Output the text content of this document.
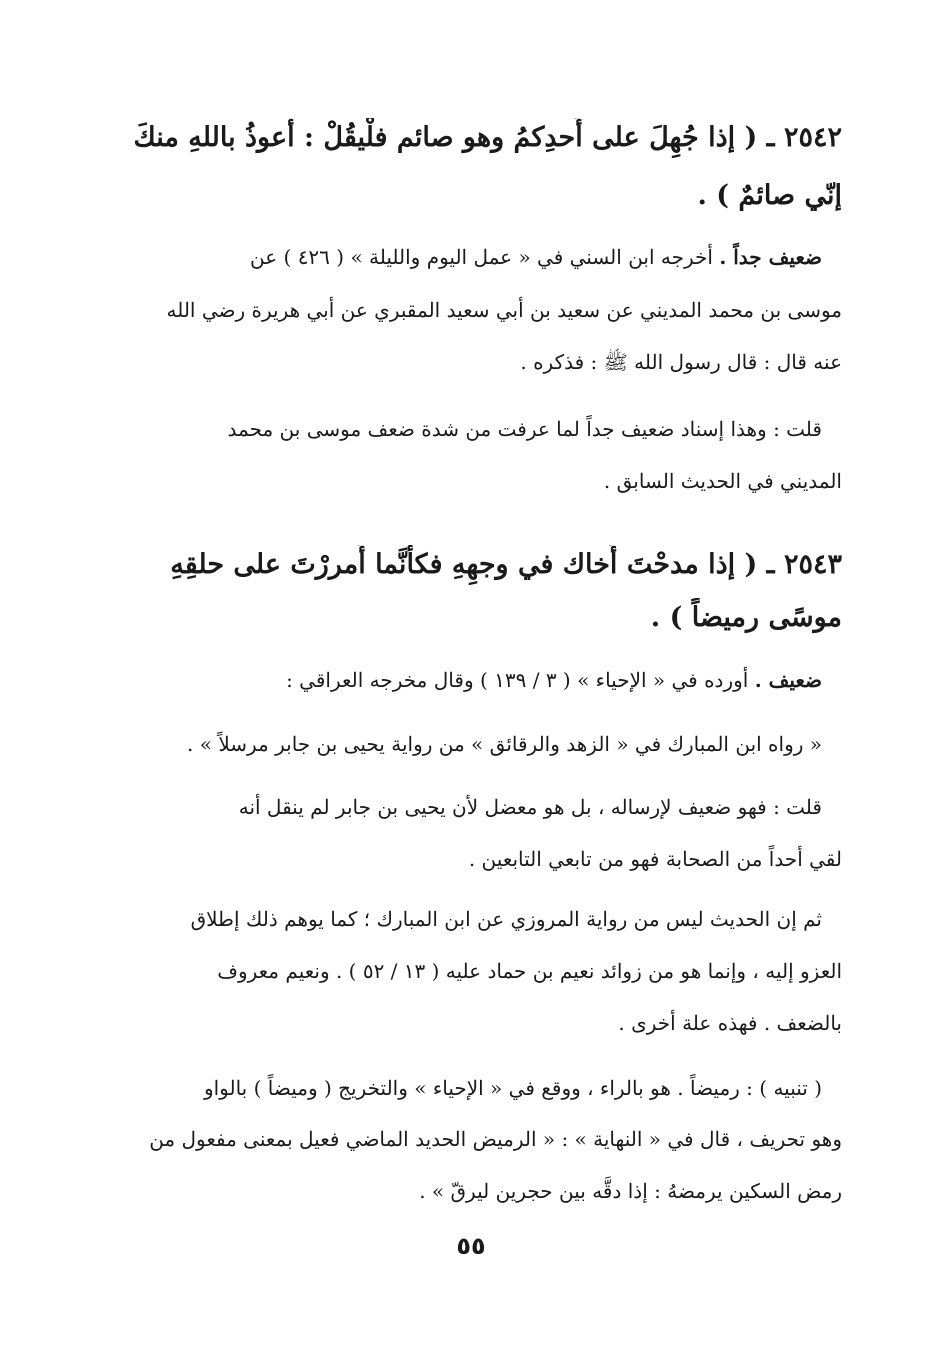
٢٥٤٢ ـ ( إذا جُهِلَ على أَحدِكمُ وهو صائم فلْيقُلْ : أعوذُ باللهِ منكَ
إنّي صائمٌ ) .
ضعيف جداً . أخرجه ابن السني في « عمل اليوم والليلة » ( ٤٢٦ ) عن
موسى بن محمد المديني عن سعيد بن أبي سعيد المقبري عن أبي هريرة رضي الله
عنه قال : قال رسول الله ﷺ : فذكره .
قلت : وهذا إسناد ضعيف جداً لما عرفت من شدة ضعف موسى بن محمد
المديني في الحديث السابق .
٢٥٤٣ ـ ( إذا مدحْتَ أَخاك في وجهِهِ فكأنَّما أَمررْتَ على حلقِهِ
موسًى رميضاً ) .
ضعيف . أورده في « الإحياء » ( ٣ / ١٣٩ ) وقال مخرجه العراقي :
« رواه ابن المبارك في « الزهد والرقائق » من رواية يحيى بن جابر مرسلاً » .
قلت : فهو ضعيف لإرساله ، بل هو معضل لأن يحيى بن جابر لم ينقل أنه
لقي أحداً من الصحابة فهو من تابعي التابعين .
ثم إن الحديث ليس من رواية المروزي عن ابن المبارك ؛ كما يوهم ذلك إطلاق
العزو إليه ، وإنما هو من زوائد نعيم بن حماد عليه ( ١٣ / ٥٢ ) . ونعيم معروف
بالضعف . فهذه علة أخرى .
( تنبيه ) : رميضاً . هو بالراء ، ووقع في « الإحياء » والتخريج ( وميضاً ) بالواو
وهو تحريف ، قال في « النهاية » : « الرميض الحديد الماضي فعيل بمعنى مفعول من
رمض السكين يرمضهُ : إذا دقَّه بين حجرين ليرقّ » .
٥٥
